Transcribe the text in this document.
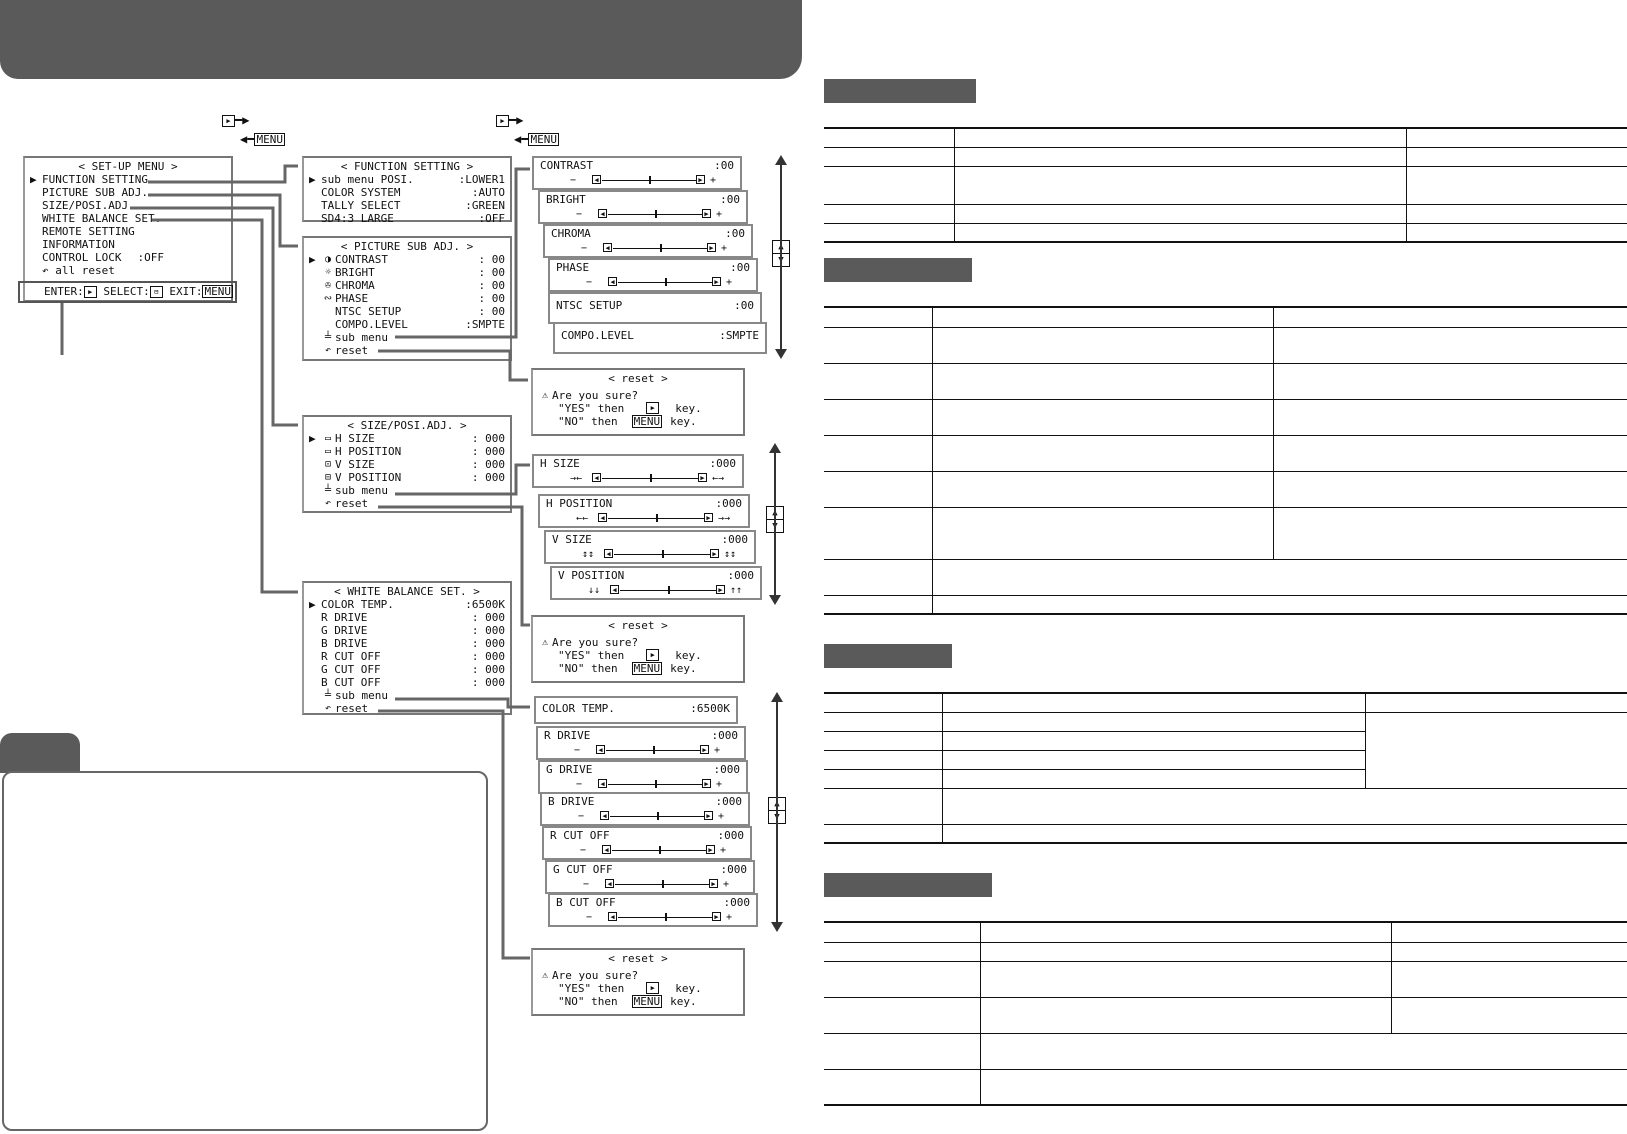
▶ ━▶
◀━ MENU
▶ ━▶
◀━ MENU
< SET-UP MENU >
▶ FUNCTION SETTING
PICTURE SUB ADJ.
SIZE/POSI.ADJ.
WHITE BALANCE SET.
REMOTE SETTING
INFORMATION
CONTROL LOCK :OFF
↶ all reset
ENTER: ▶ SELECT: ⊟ EXIT: MENU
< FUNCTION SETTING >
▶ sub menu POSI.	:LOWER1
COLOR SYSTEM	:AUTO
TALLY SELECT	:GREEN
SD4:3 LARGE	:OFF
< PICTURE SUB ADJ. >
▶ ◑ CONTRAST	: 00
☼ BRIGHT	: 00
✇ CHROMA	: 00
∾ PHASE	: 00
NTSC SETUP	: 00
COMPO.LEVEL	:SMPTE
╧ sub menu
↶ reset
CONTRAST	:00
−	◀	▶ +
BRIGHT	:00
−	◀	▶ +
CHROMA	:00
−	◀	▶ +
PHASE	:00
−	◀	▶ +
NTSC SETUP	:00
COMPO.LEVEL	:SMPTE
< reset >
⚠ Are you sure?
"YES" then	▶	key.
"NO" then MENU key.
< reset >
⚠ Are you sure?
"YES" then	▶	key.
"NO" then MENU key.
< reset >
⚠ Are you sure?
"YES" then	▶	key.
"NO" then MENU key.
< SIZE/POSI.ADJ. >
▶ ▭ H SIZE	: 000
▭ H POSITION	: 000
⊡ V SIZE	: 000
⊟ V POSITION	: 000
╧ sub menu
↶ reset
H SIZE	:000
→←	◀	▶ ←→
H POSITION	:000
←←	◀	▶ →→
V SIZE	:000
↕↕	◀	▶ ↕↕
V POSITION	:000
↓↓	◀	▶ ↑↑
< WHITE BALANCE SET. >
▶ COLOR TEMP.	:6500K
R DRIVE	: 000
G DRIVE	: 000
B DRIVE	: 000
R CUT OFF	: 000
G CUT OFF	: 000
B CUT OFF	: 000
╧ sub menu
↶ reset	COLOR TEMP.	:6500K
R DRIVE	:000
−	◀	▶ +
G DRIVE	:000
−	◀	▶ +
B DRIVE	:000
−	◀	▶ +
R CUT OFF	:000
−	◀	▶ +
G CUT OFF	:000
−	◀	▶ +
B CUT OFF	:000
−	◀	▶ +
▲
▼
▲
▼
▲
▼
